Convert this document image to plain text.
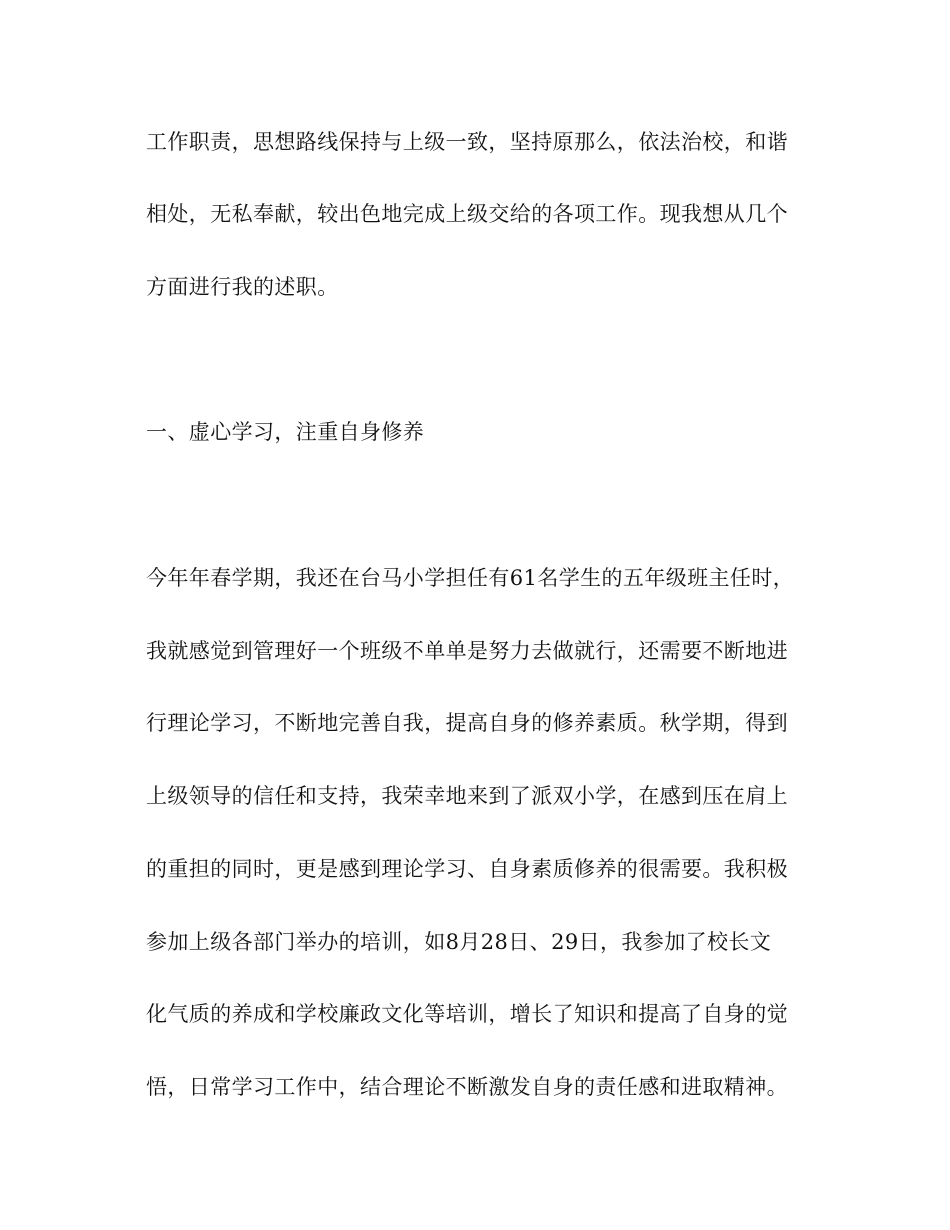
工作职责，思想路线保持与上级一致，坚持原那么，依法治校，和谐
相处，无私奉献，较出色地完成上级交给的各项工作。现我想从几个
方面进行我的述职。
一、虚心学习，注重自身修养
今年年春学期，我还在台马小学担任有61名学生的五年级班主任时，
我就感觉到管理好一个班级不单单是努力去做就行，还需要不断地进
行理论学习，不断地完善自我，提高自身的修养素质。秋学期，得到
上级领导的信任和支持，我荣幸地来到了派双小学，在感到压在肩上
的重担的同时，更是感到理论学习、自身素质修养的很需要。我积极
参加上级各部门举办的培训，如8月28日、29日，我参加了校长文
化气质的养成和学校廉政文化等培训，增长了知识和提高了自身的觉
悟，日常学习工作中，结合理论不断激发自身的责任感和进取精神。
